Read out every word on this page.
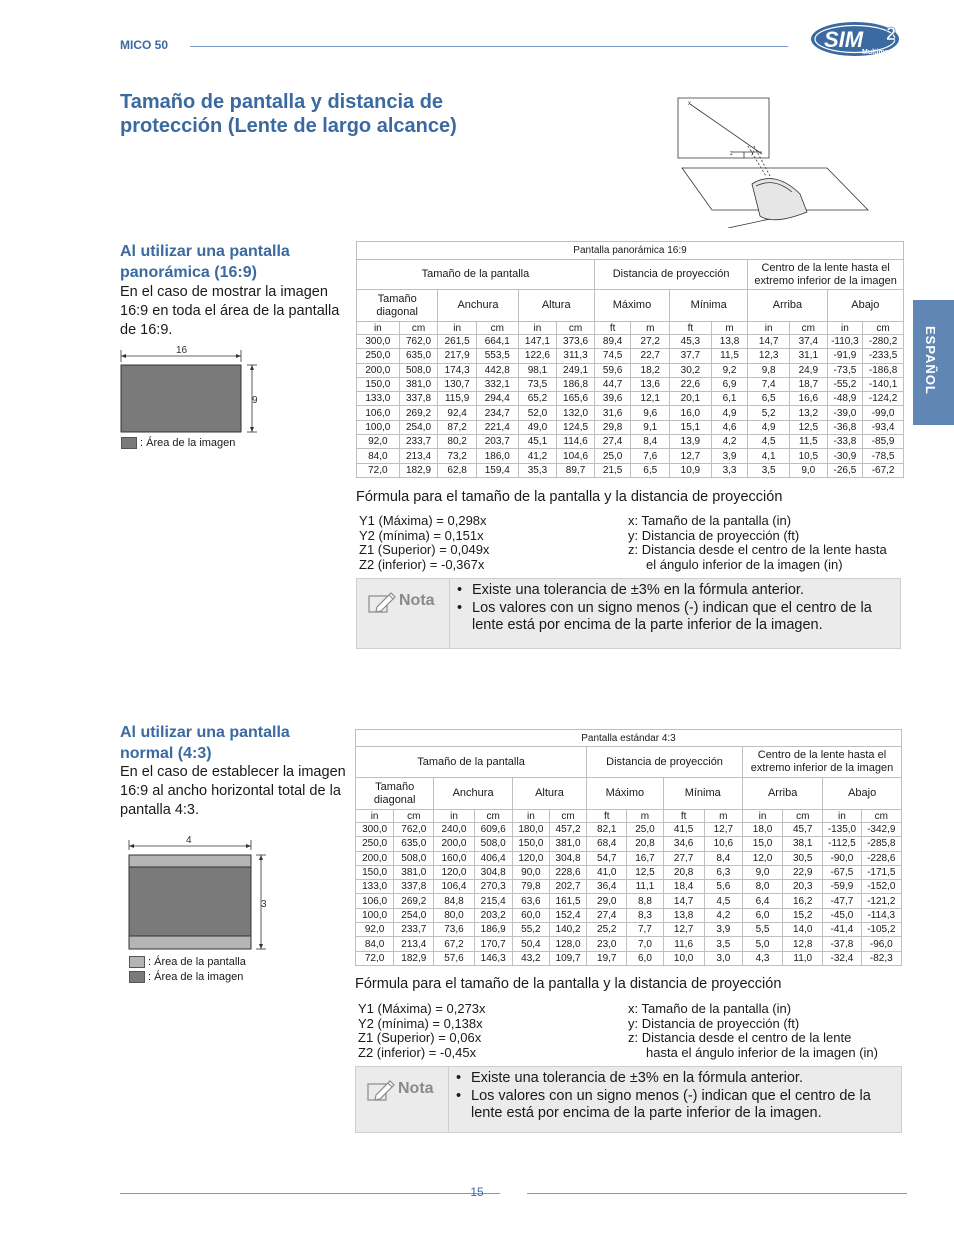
MICO 50	SIM 2
Multimedia
Tamaño de pantalla y distancia de
protección (Lente de largo alcance)
x
y
z
ESPAÑOL
Al utilizar una pantalla
panorámica (16:9)
En el caso de mostrar la imagen 16:9 en toda el área de la pantalla de 16:9.
16
9
: Área de la imagen
Pantalla panorámica 16:9													
Tamaño de la pantalla						Distancia de proyección				Centro de la lente hasta el extremo inferior de la imagen			
Tamaño diagonal		Anchura		Altura		Máximo		Mínima		Arriba		Abajo	
in	cm	in	cm	in	cm	ft	m	ft	m	in	cm	in	cm
300,0	762,0	261,5	664,1	147,1	373,6	89,4	27,2	45,3	13,8	14,7	37,4	-110,3	-280,2
250,0	635,0	217,9	553,5	122,6	311,3	74,5	22,7	37,7	11,5	12,3	31,1	-91,9	-233,5
200,0	508,0	174,3	442,8	98,1	249,1	59,6	18,2	30,2	9,2	9,8	24,9	-73,5	-186,8
150,0	381,0	130,7	332,1	73,5	186,8	44,7	13,6	22,6	6,9	7,4	18,7	-55,2	-140,1
133,0	337,8	115,9	294,4	65,2	165,6	39,6	12,1	20,1	6,1	6,5	16,6	-48,9	-124,2
106,0	269,2	92,4	234,7	52,0	132,0	31,6	9,6	16,0	4,9	5,2	13,2	-39,0	-99,0
100,0	254,0	87,2	221,4	49,0	124,5	29,8	9,1	15,1	4,6	4,9	12,5	-36,8	-93,4
92,0	233,7	80,2	203,7	45,1	114,6	27,4	8,4	13,9	4,2	4,5	11,5	-33,8	-85,9
84,0	213,4	73,2	186,0	41,2	104,6	25,0	7,6	12,7	3,9	4,1	10,5	-30,9	-78,5
72,0	182,9	62,8	159,4	35,3	89,7	21,5	6,5	10,9	3,3	3,5	9,0	-26,5	-67,2
Fórmula para el tamaño de la pantalla y la distancia de proyección
Y1 (Máxima) = 0,298x
Y2 (mínima) = 0,151x
Z1 (Superior) = 0,049x
Z2 (inferior) = -0,367x
x: Tamaño de la pantalla (in)
y: Distancia de proyección (ft)
z: Distancia desde el centro de la lente hasta
el ángulo inferior de la imagen (in)
Nota
• Existe una tolerancia de ±3% en la fórmula anterior.
• Los valores con un signo menos (-) indican que el centro de la lente está por encima de la parte inferior de la imagen.
Al utilizar una pantalla
normal (4:3)
En el caso de establecer la imagen 16:9 al ancho horizontal total de la pantalla 4:3.
4
3
: Área de la pantalla
: Área de la imagen
Pantalla estándar 4:3													
Tamaño de la pantalla						Distancia de proyección				Centro de la lente hasta el extremo inferior de la imagen			
Tamaño diagonal		Anchura		Altura		Máximo		Mínima		Arriba		Abajo	
in	cm	in	cm	in	cm	ft	m	ft	m	in	cm	in	cm
300,0	762,0	240,0	609,6	180,0	457,2	82,1	25,0	41,5	12,7	18,0	45,7	-135,0	-342,9
250,0	635,0	200,0	508,0	150,0	381,0	68,4	20,8	34,6	10,6	15,0	38,1	-112,5	-285,8
200,0	508,0	160,0	406,4	120,0	304,8	54,7	16,7	27,7	8,4	12,0	30,5	-90,0	-228,6
150,0	381,0	120,0	304,8	90,0	228,6	41,0	12,5	20,8	6,3	9,0	22,9	-67,5	-171,5
133,0	337,8	106,4	270,3	79,8	202,7	36,4	11,1	18,4	5,6	8,0	20,3	-59,9	-152,0
106,0	269,2	84,8	215,4	63,6	161,5	29,0	8,8	14,7	4,5	6,4	16,2	-47,7	-121,2
100,0	254,0	80,0	203,2	60,0	152,4	27,4	8,3	13,8	4,2	6,0	15,2	-45,0	-114,3
92,0	233,7	73,6	186,9	55,2	140,2	25,2	7,7	12,7	3,9	5,5	14,0	-41,4	-105,2
84,0	213,4	67,2	170,7	50,4	128,0	23,0	7,0	11,6	3,5	5,0	12,8	-37,8	-96,0
72,0	182,9	57,6	146,3	43,2	109,7	19,7	6,0	10,0	3,0	4,3	11,0	-32,4	-82,3
Fórmula para el tamaño de la pantalla y la distancia de proyección
Y1 (Máxima) = 0,273x
Y2 (mínima) = 0,138x
Z1 (Superior) = 0,06x
Z2 (inferior) = -0,45x
x: Tamaño de la pantalla (in)
y: Distancia de proyección (ft)
z: Distancia desde el centro de la lente
hasta el ángulo inferior de la imagen (in)
Nota
• Existe una tolerancia de ±3% en la fórmula anterior.
• Los valores con un signo menos (-) indican que el centro de la lente está por encima de la parte inferior de la imagen.
15
